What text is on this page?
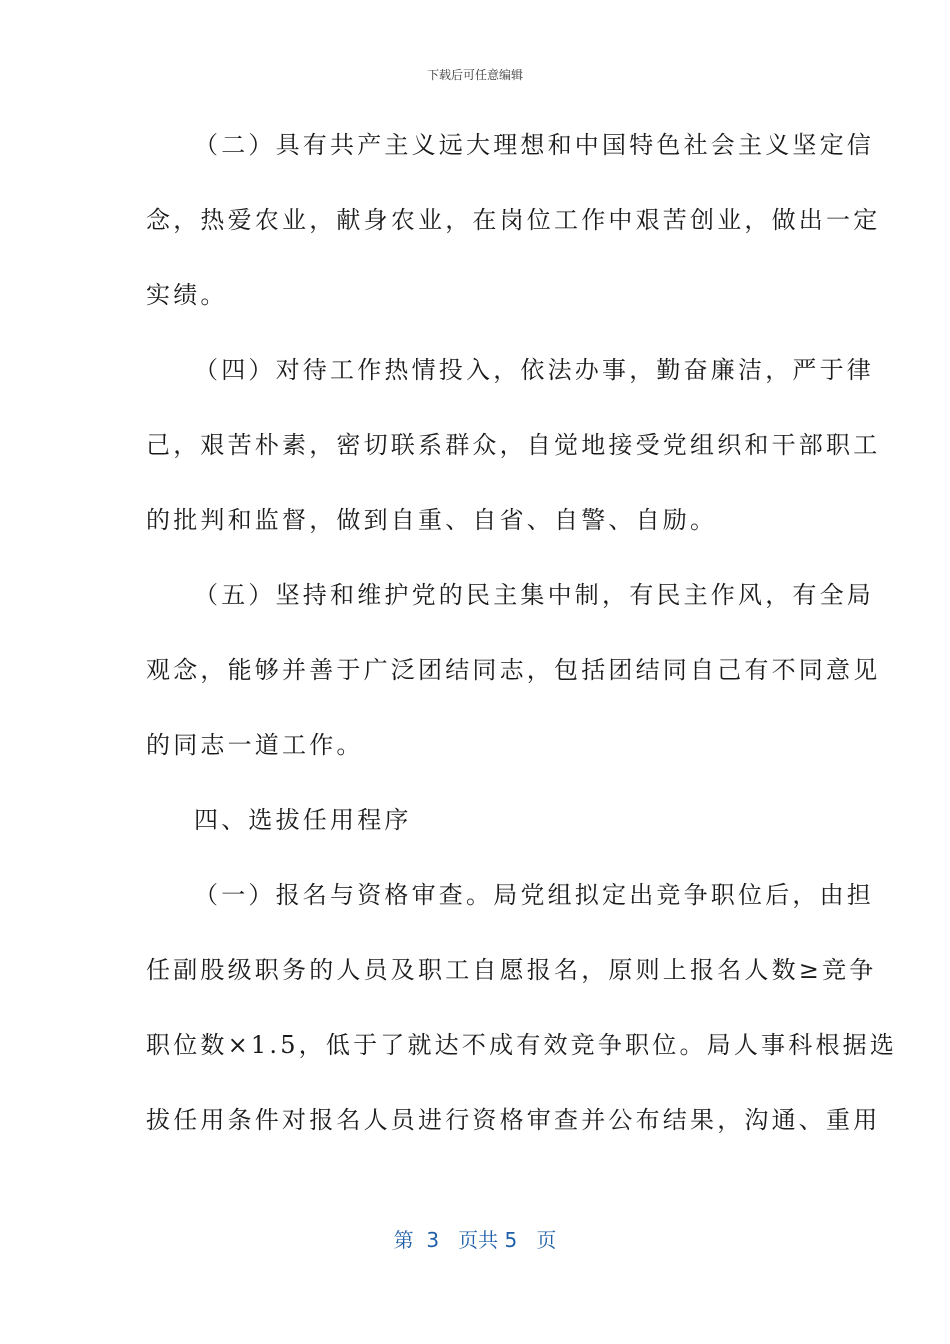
下载后可任意编辑
（二）具有共产主义远大理想和中国特色社会主义坚定信
念，热爱农业，献身农业，在岗位工作中艰苦创业，做出一定
实绩。
（四）对待工作热情投入，依法办事，勤奋廉洁，严于律
己，艰苦朴素，密切联系群众，自觉地接受党组织和干部职工
的批判和监督，做到自重、自省、自警、自励。
（五）坚持和维护党的民主集中制，有民主作风，有全局
观念，能够并善于广泛团结同志，包括团结同自己有不同意见
的同志一道工作。
四、选拔任用程序
（一）报名与资格审查。局党组拟定出竞争职位后，由担
任副股级职务的人员及职工自愿报名，原则上报名人数≥竞争
职位数×1.5，低于了就达不成有效竞争职位。局人事科根据选
拔任用条件对报名人员进行资格审查并公布结果，沟通、重用
第  3   页共 5   页
